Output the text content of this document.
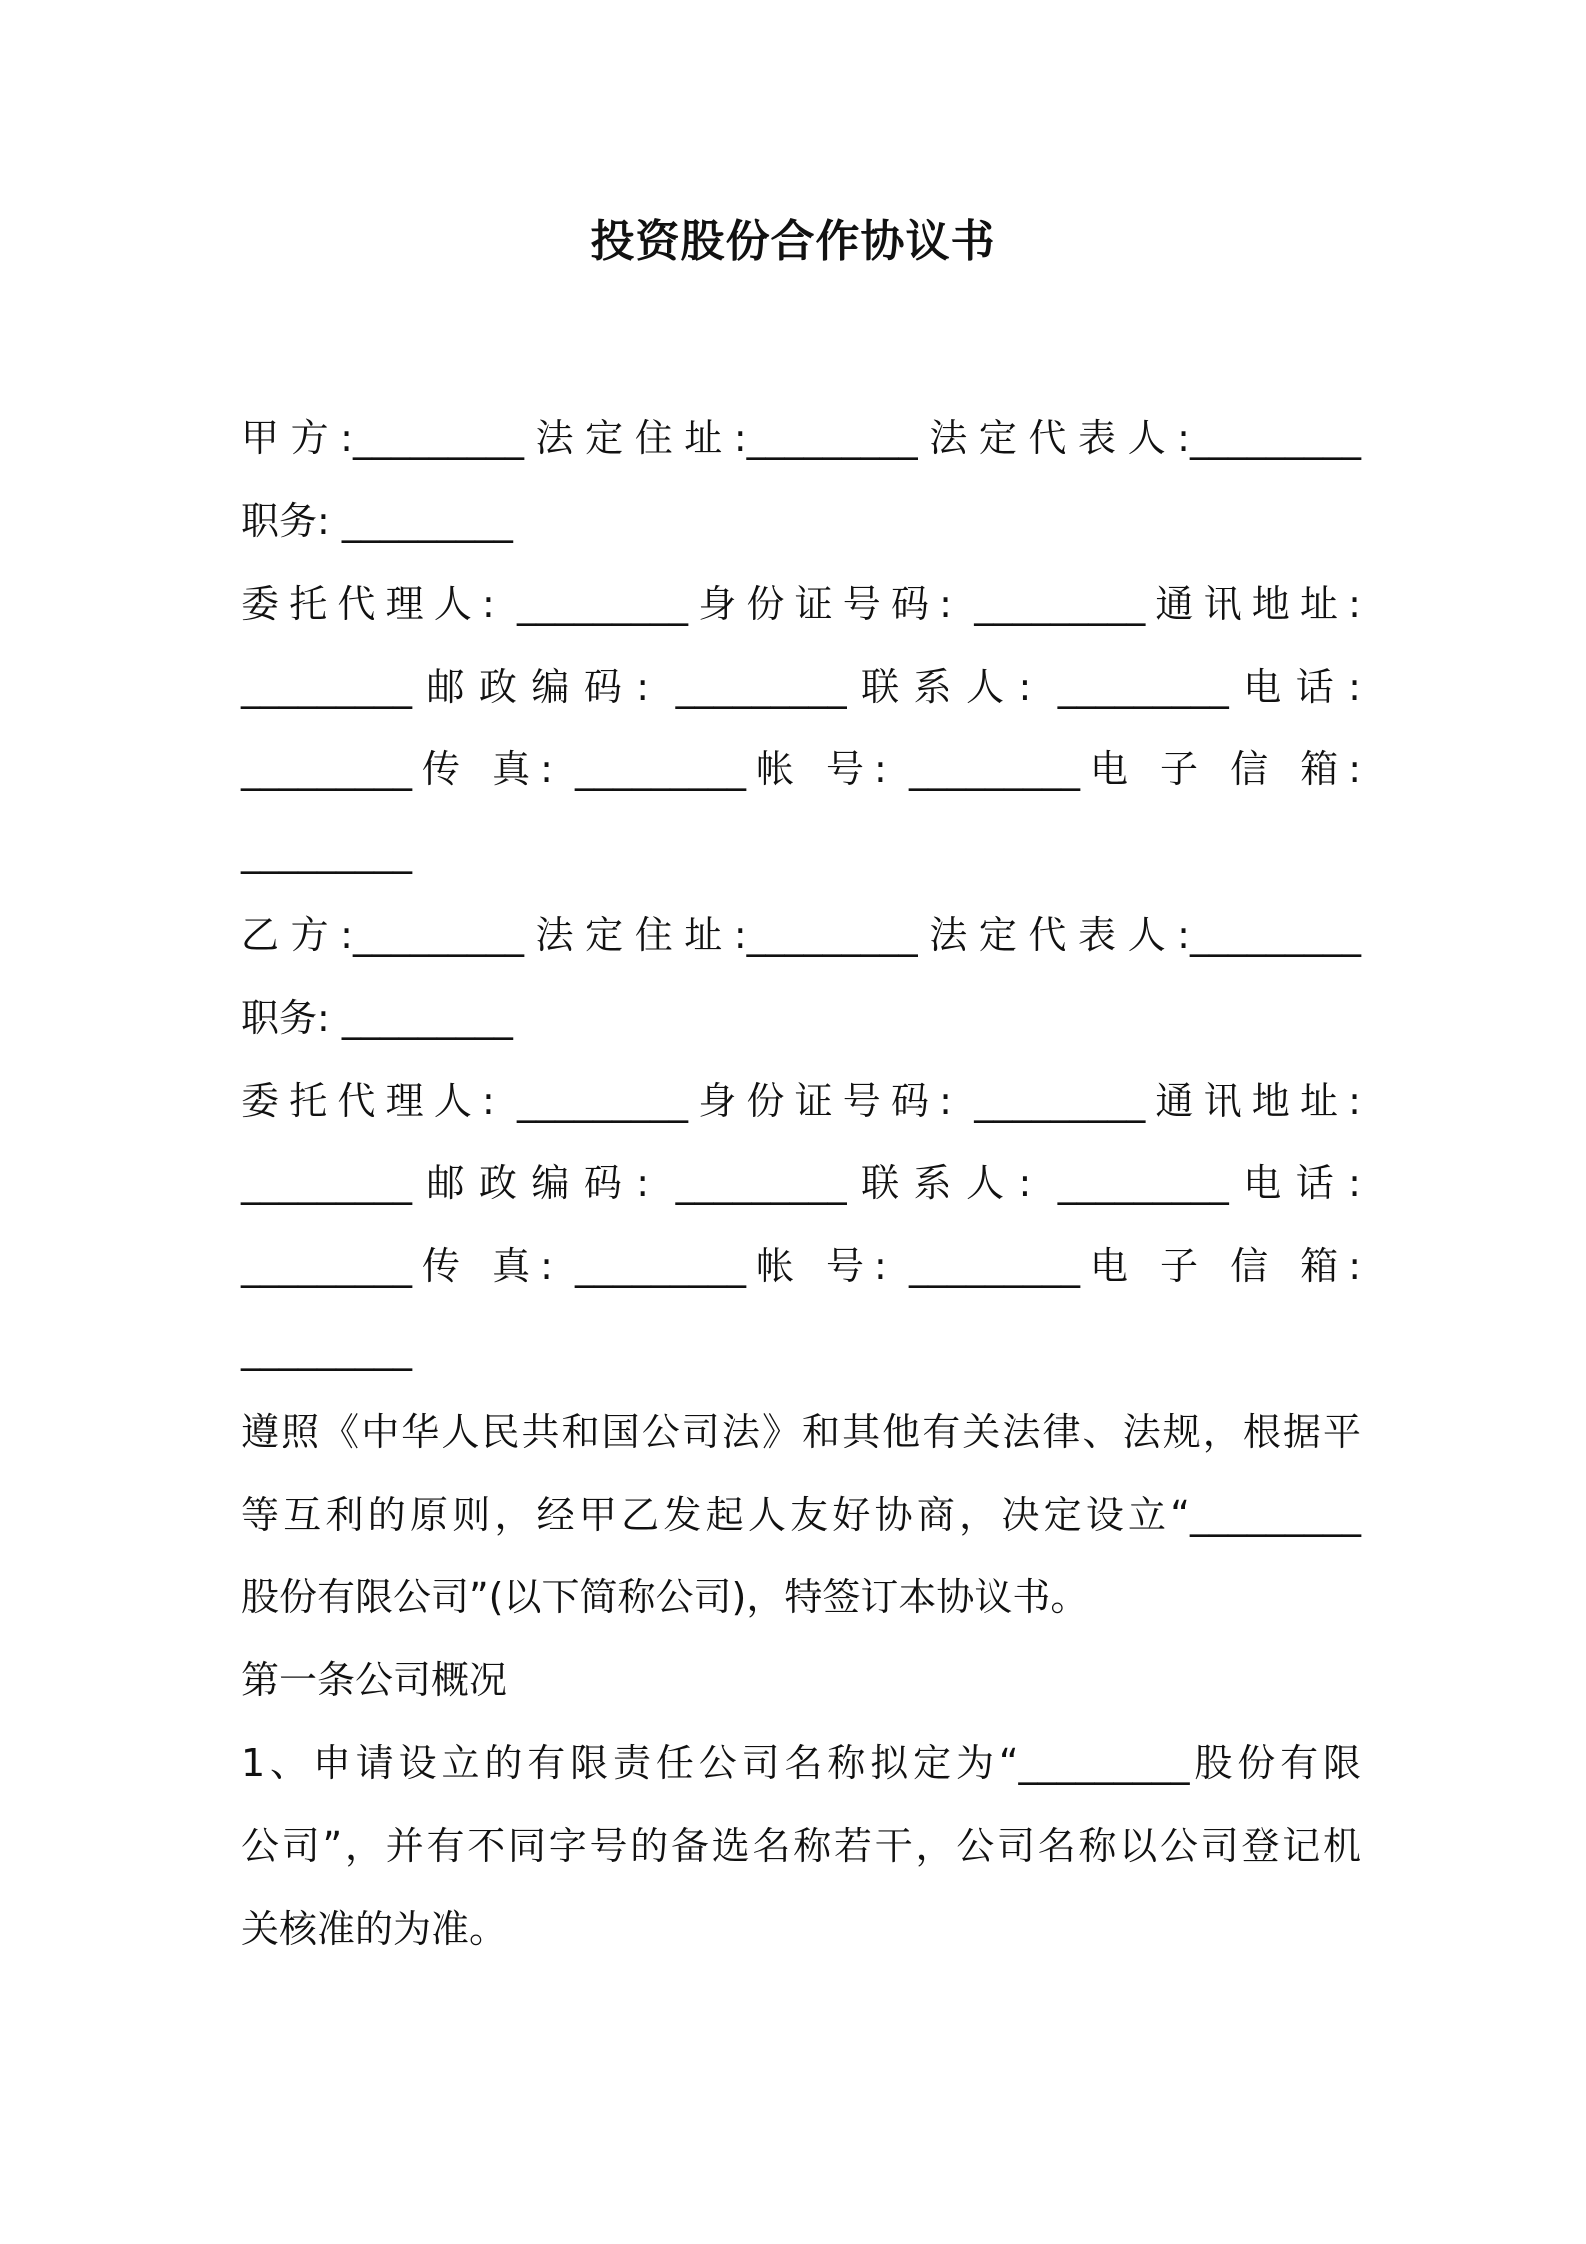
投资股份合作协议书
甲方:_________法定住址:_________法定代表人:_________
职务: _________
委托代理人: _________身份证号码: _________通讯地址:
_________邮政编码: _________联系人: _________电话:
_________传 真: _________帐 号: _________电 子 信 箱:
_________
乙方:_________法定住址:_________法定代表人:_________
职务: _________
委托代理人: _________身份证号码: _________通讯地址:
_________邮政编码: _________联系人: _________电话:
_________传 真: _________帐 号: _________电 子 信 箱:
_________
遵照《中华人民共和国公司法》和其他有关法律、法规，根据平
等互利的原则，经甲乙发起人友好协商，决定设立“_________
股份有限公司”(以下简称公司)，特签订本协议书。
第一条公司概况
1、申请设立的有限责任公司名称拟定为“_________股份有限
公司”，并有不同字号的备选名称若干，公司名称以公司登记机
关核准的为准。
